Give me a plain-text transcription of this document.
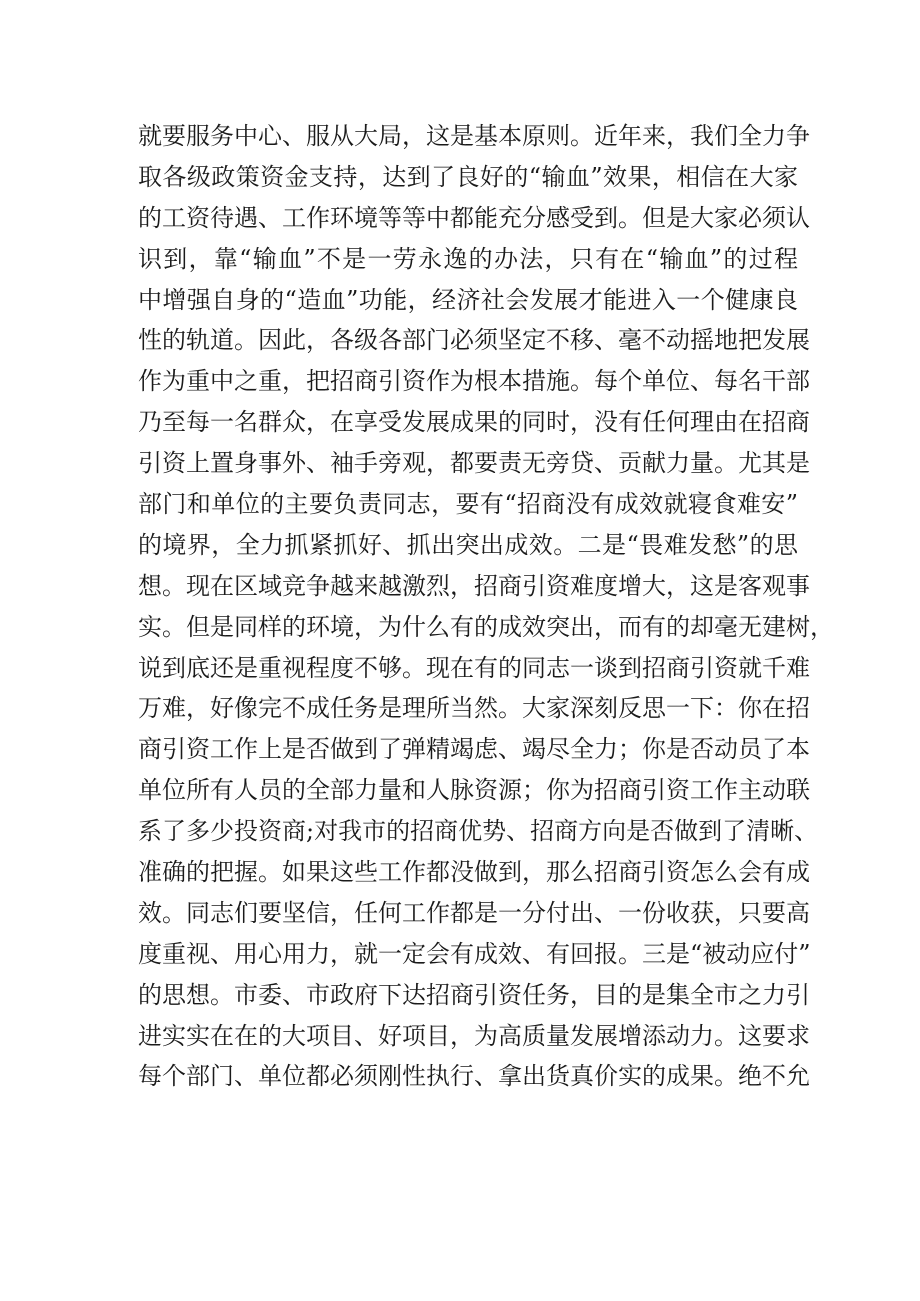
就要服务中心、服从大局，这是基本原则。近年来，我们全力争
取各级政策资金支持，达到了良好的“输血”效果，相信在大家
的工资待遇、工作环境等等中都能充分感受到。但是大家必须认
识到，靠“输血”不是一劳永逸的办法，只有在“输血”的过程
中增强自身的“造血”功能，经济社会发展才能进入一个健康良
性的轨道。因此，各级各部门必须坚定不移、毫不动摇地把发展
作为重中之重，把招商引资作为根本措施。每个单位、每名干部
乃至每一名群众，在享受发展成果的同时，没有任何理由在招商
引资上置身事外、袖手旁观，都要责无旁贷、贡献力量。尤其是
部门和单位的主要负责同志，要有“招商没有成效就寝食难安”
的境界，全力抓紧抓好、抓出突出成效。二是“畏难发愁”的思
想。现在区域竞争越来越激烈，招商引资难度增大，这是客观事
实。但是同样的环境，为什么有的成效突出，而有的却毫无建树，
说到底还是重视程度不够。现在有的同志一谈到招商引资就千难
万难，好像完不成任务是理所当然。大家深刻反思一下：你在招
商引资工作上是否做到了弹精竭虑、竭尽全力；你是否动员了本
单位所有人员的全部力量和人脉资源；你为招商引资工作主动联
系了多少投资商;对我市的招商优势、招商方向是否做到了清晰、
准确的把握。如果这些工作都没做到，那么招商引资怎么会有成
效。同志们要坚信，任何工作都是一分付出、一份收获，只要高
度重视、用心用力，就一定会有成效、有回报。三是“被动应付”
的思想。市委、市政府下达招商引资任务，目的是集全市之力引
进实实在在的大项目、好项目，为高质量发展增添动力。这要求
每个部门、单位都必须刚性执行、拿出货真价实的成果。绝不允
